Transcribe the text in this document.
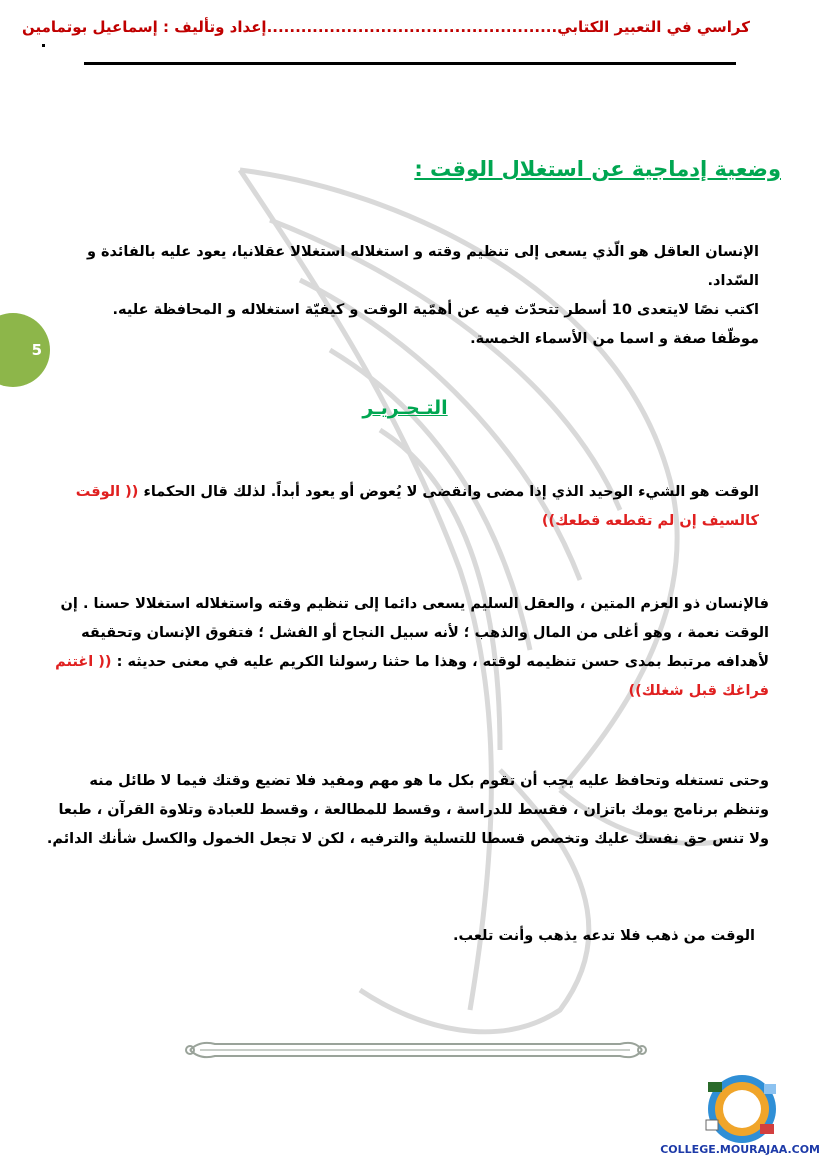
كراسي في التعبير الكتابي...................................................إعداد وتأليف : إسماعيل بوتمامين
5
وضعية إدماجية عن استغلال الوقت :
الإنسان العاقل هو الّذي يسعى إلى تنظيم وقته و استغلاله استغلالا عقلانيا، يعود عليه بالفائدة و السّداد.
اكتب نصًا لايتعدى 10 أسطر تتحدّث فيه عن أهمّية الوقت و كيفيّة استغلاله و المحافظة عليه.
موظّفا صفة و اسما من الأسماء الخمسة.
التـحـريـر
الوقت هو الشيء الوحيد الذي إذا مضى وانقضى لا يُعوض أو يعود أبداً. لذلك قال الحكماء (( الوقت كالسيف إن لم تقطعه قطعك))
فالإنسان ذو العزم المتين ، والعقل السليم يسعى دائما إلى تنظيم وقته واستغلاله استغلالا حسنا . إن الوقت نعمة ، وهو أغلى من المال والذهب ؛ لأنه سبيل النجاح أو الفشل ؛ فتفوق الإنسان وتحقيقه لأهدافه مرتبط بمدى حسن تنظيمه لوقته ، وهذا ما حثنا رسولنا الكريم عليه في معنى حديثه : (( اغتنم فراغك قبل شغلك))
وحتى تستغله وتحافظ عليه يجب أن تقوم بكل ما هو مهم ومفيد فلا تضيع وقتك فيما لا طائل منه وتنظم برنامج يومك باتزان ، فقسط للدراسة ، وقسط للمطالعة ، وقسط للعبادة وتلاوة القرآن ، طبعا ولا تنس حق نفسك عليك وتخصص قسطا للتسلية والترفيه ، لكن لا تجعل الخمول والكسل شأنك الدائم.
الوقت من ذهب فلا تدعه يذهب وأنت تلعب.
COLLEGE.MOURAJAA.COM
